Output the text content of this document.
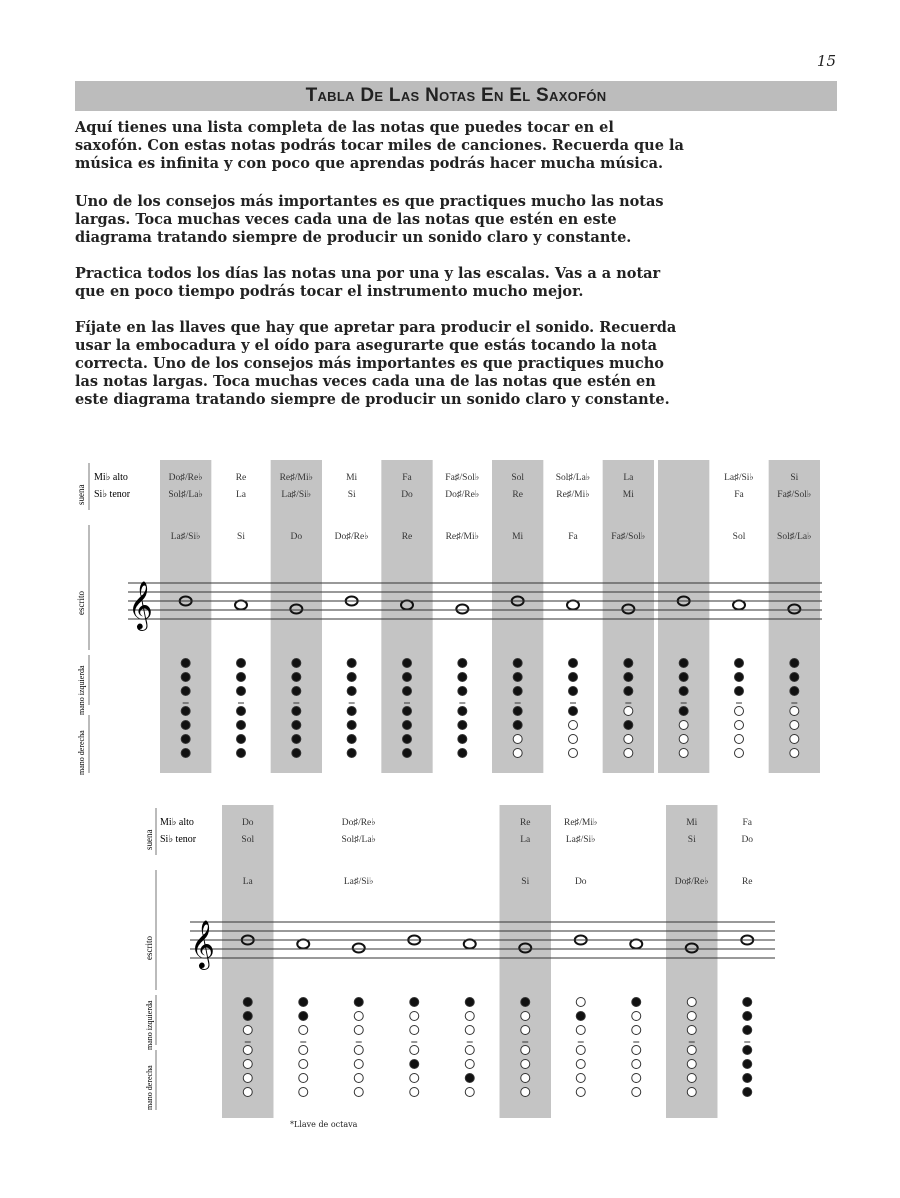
15
Tabla De Las Notas En El Saxofón

Aquí tienes una lista completa de las notas que puedes tocar en el saxofón. Con estas notas podrás tocar miles de canciones. Recuerda que la música es infinita y con poco que aprendas podrás hacer mucha música.

Uno de los consejos más importantes es que practiques mucho las notas largas. Toca muchas veces cada una de las notas que estén en este diagrama tratando siempre de producir un sonido claro y constante.

Practica todos los días las notas una por una y las escalas. Vas a a notar que en poco tiempo podrás tocar el instrumento mucho mejor.

Fíjate en las llaves que hay que apretar para producir el sonido. Recuerda usar la embocadura y el oído para asegurarte que estás tocando la nota correcta. Uno de los consejos más importantes es que practiques mucho las notas largas. Toca muchas veces cada una de las notas que estén en este diagrama tratando siempre de producir un sonido claro y constante.

Mi♭ alto
Si♭ tenor
suena
escrito
mano izquierda
mano derecha
Do♯/Re♭
Sol♯/La♭
La♯/Si♭
Re
La
Si
Re♯/Mi♭
La♯/Si♭
Do
Mi
Si
Do♯/Re♭
Fa
Do
Re
Fa♯/Sol♭
Do♯/Re♭
Re♯/Mi♭
Sol
Re
Mi
Sol♯/La♭
Re♯/Mi♭
Fa
La
Mi
Fa♯/Sol♭
La♯/Si♭
Fa
Sol
Si
Fa♯/Sol♭
Sol♯/La♭
𝄞
Mi♭ alto
Si♭ tenor
suena
escrito
mano izquierda
mano derecha
Do
Sol
La
Do♯/Re♭
Sol♯/La♭
La♯/Si♭
Re
La
Si
Re♯/Mi♭
La♯/Si♭
Do
Mi
Si
Do♯/Re♭
Fa
Do
Re
𝄞
*Llave de octava
